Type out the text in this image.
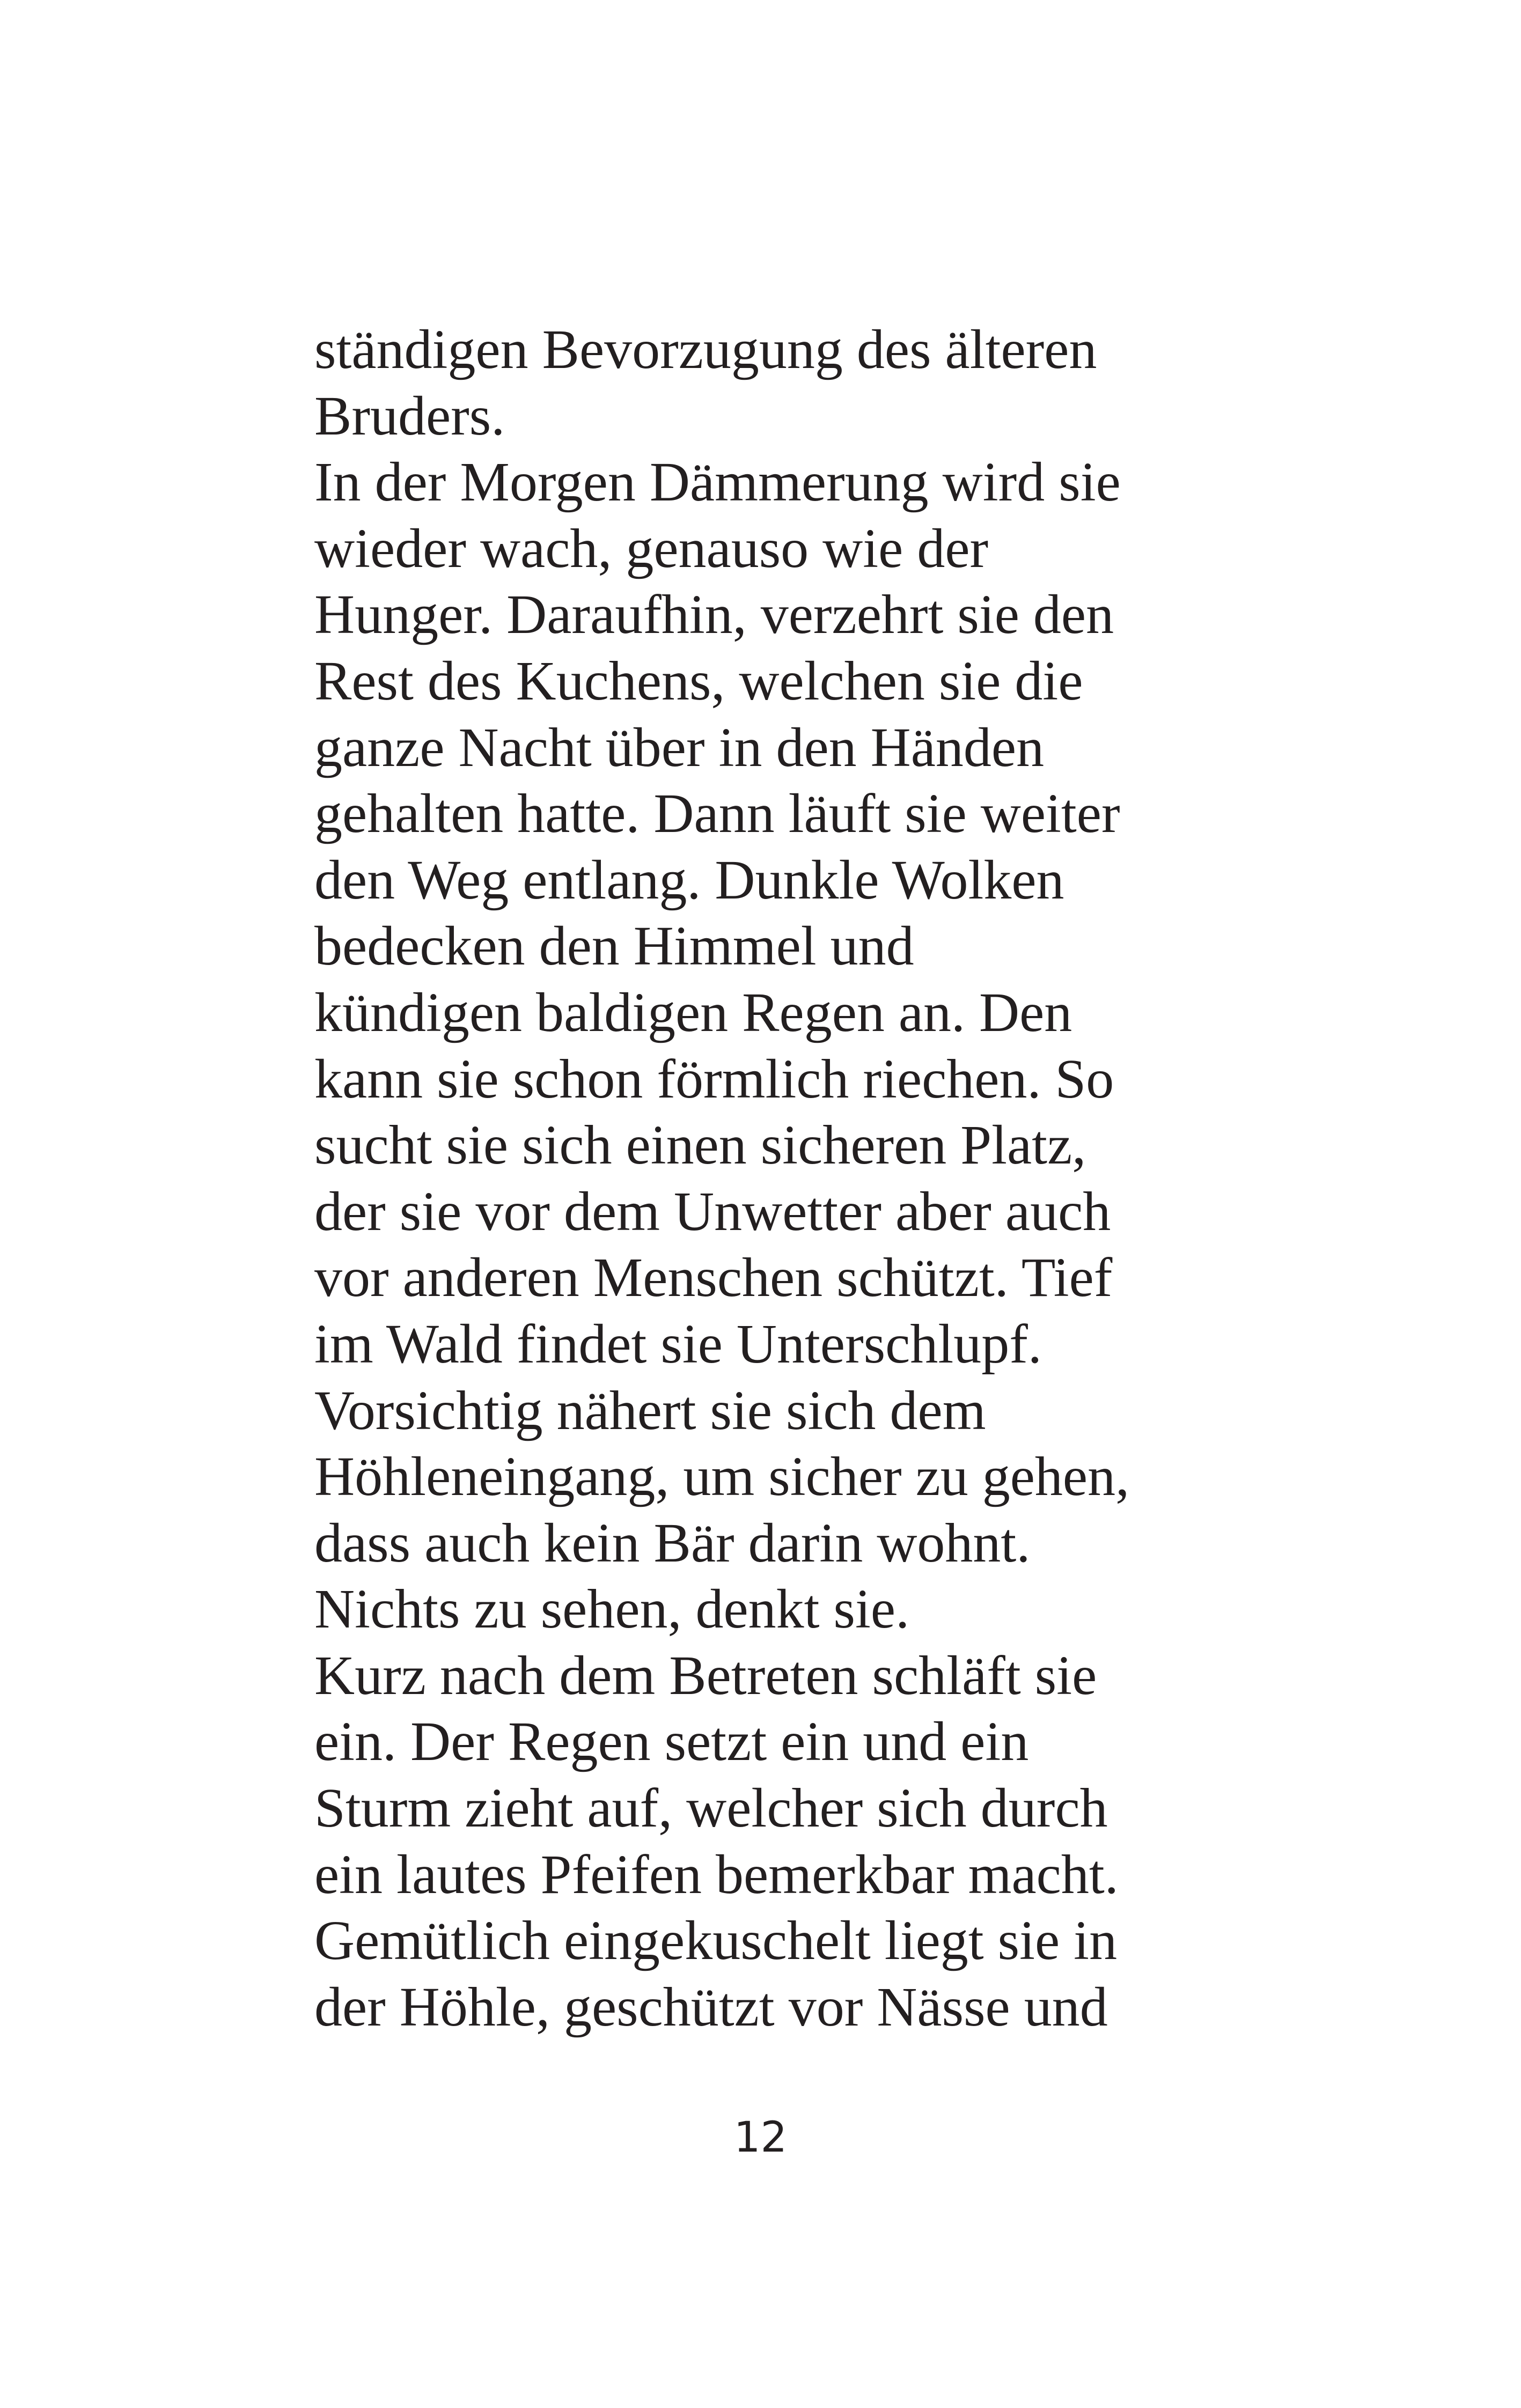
ständigen Bevorzugung des älteren
Bruders.
In der Morgen Dämmerung wird sie
wieder wach, genauso wie der
Hunger. Daraufhin, verzehrt sie den
Rest des Kuchens, welchen sie die
ganze Nacht über in den Händen
gehalten hatte. Dann läuft sie weiter
den Weg entlang. Dunkle Wolken
bedecken den Himmel und
kündigen baldigen Regen an. Den
kann sie schon förmlich riechen. So
sucht sie sich einen sicheren Platz,
der sie vor dem Unwetter aber auch
vor anderen Menschen schützt. Tief
im Wald findet sie Unterschlupf.
Vorsichtig nähert sie sich dem
Höhleneingang, um sicher zu gehen,
dass auch kein Bär darin wohnt.
Nichts zu sehen, denkt sie.
Kurz nach dem Betreten schläft sie
ein. Der Regen setzt ein und ein
Sturm zieht auf, welcher sich durch
ein lautes Pfeifen bemerkbar macht.
Gemütlich eingekuschelt liegt sie in
der Höhle, geschützt vor Nässe und
12
